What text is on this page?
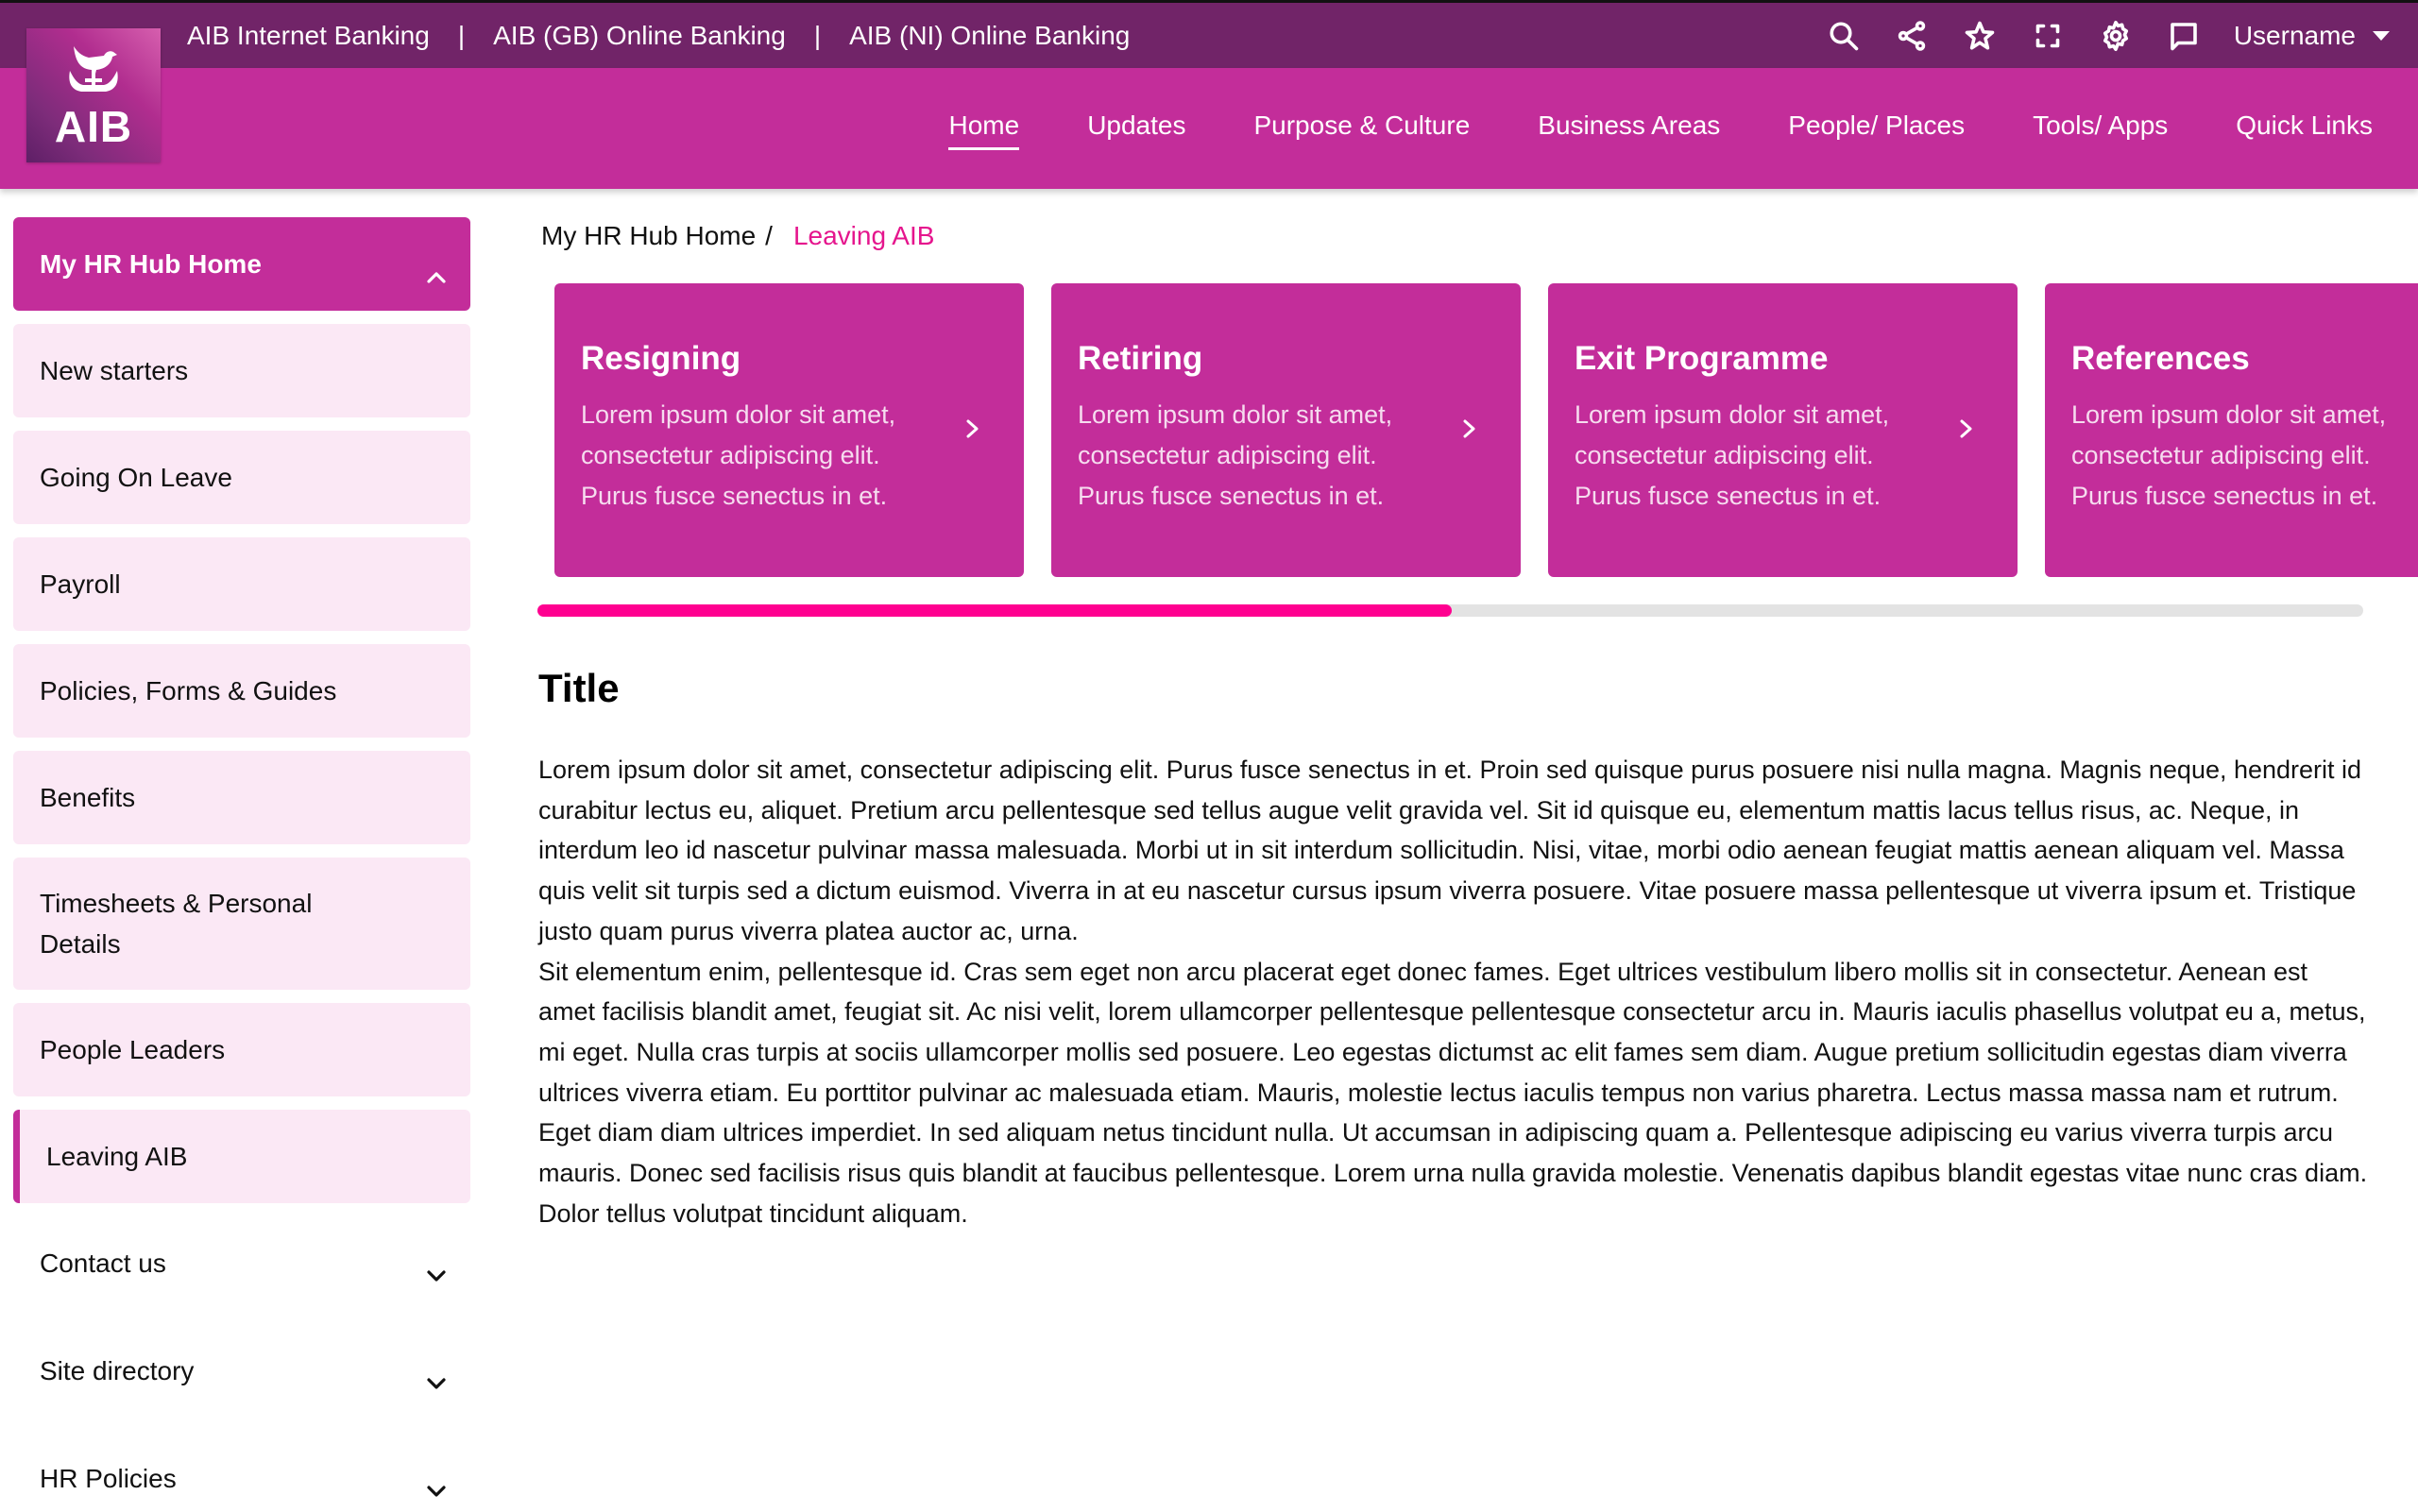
AIB Internet Banking | AIB (GB) Online Banking | AIB (NI) Online Banking	Username
Home	Updates	Purpose & Culture	Business Areas	People/ Places	Tools/ Apps	Quick Links
AIB
My HR Hub Home
New starters
Going On Leave
Payroll
Policies, Forms & Guides
Benefits
Timesheets & Personal Details
People Leaders
Leaving AIB
Contact us
Site directory
HR Policies
My HR Hub Home / Leaving AIB
Resigning

Lorem ipsum dolor sit amet, consectetur adipiscing elit. Purus fusce senectus in et.

Retiring

Lorem ipsum dolor sit amet, consectetur adipiscing elit. Purus fusce senectus in et.

Exit Programme

Lorem ipsum dolor sit amet, consectetur adipiscing elit. Purus fusce senectus in et.

References

Lorem ipsum dolor sit amet, consectetur adipiscing elit. Purus fusce senectus in et.

Title

Lorem ipsum dolor sit amet, consectetur adipiscing elit. Purus fusce senectus in et. Proin sed quisque purus posuere nisi nulla magna. Magnis neque, hendrerit id curabitur lectus eu, aliquet. Pretium arcu pellentesque sed tellus augue velit gravida vel. Sit id quisque eu, elementum mattis lacus tellus risus, ac. Neque, in interdum leo id nascetur pulvinar massa malesuada. Morbi ut in sit interdum sollicitudin. Nisi, vitae, morbi odio aenean feugiat mattis aenean aliquam vel. Massa quis velit sit turpis sed a dictum euismod. Viverra in at eu nascetur cursus ipsum viverra posuere. Vitae posuere massa pellentesque ut viverra ipsum et. Tristique justo quam purus viverra platea auctor ac, urna.

Sit elementum enim, pellentesque id. Cras sem eget non arcu placerat eget donec fames. Eget ultrices vestibulum libero mollis sit in consectetur. Aenean est amet facilisis blandit amet, feugiat sit. Ac nisi velit, lorem ullamcorper pellentesque pellentesque consectetur arcu in. Mauris iaculis phasellus volutpat eu a, metus, mi eget. Nulla cras turpis at sociis ullamcorper mollis sed posuere. Leo egestas dictumst ac elit fames sem diam. Augue pretium sollicitudin egestas diam viverra ultrices viverra etiam. Eu porttitor pulvinar ac malesuada etiam. Mauris, molestie lectus iaculis tempus non varius pharetra. Lectus massa massa nam et rutrum.

Eget diam diam ultrices imperdiet. In sed aliquam netus tincidunt nulla. Ut accumsan in adipiscing quam a. Pellentesque adipiscing eu varius viverra turpis arcu mauris. Donec sed facilisis risus quis blandit at faucibus pellentesque. Lorem urna nulla gravida molestie. Venenatis dapibus blandit egestas vitae nunc cras diam. Dolor tellus volutpat tincidunt aliquam.
